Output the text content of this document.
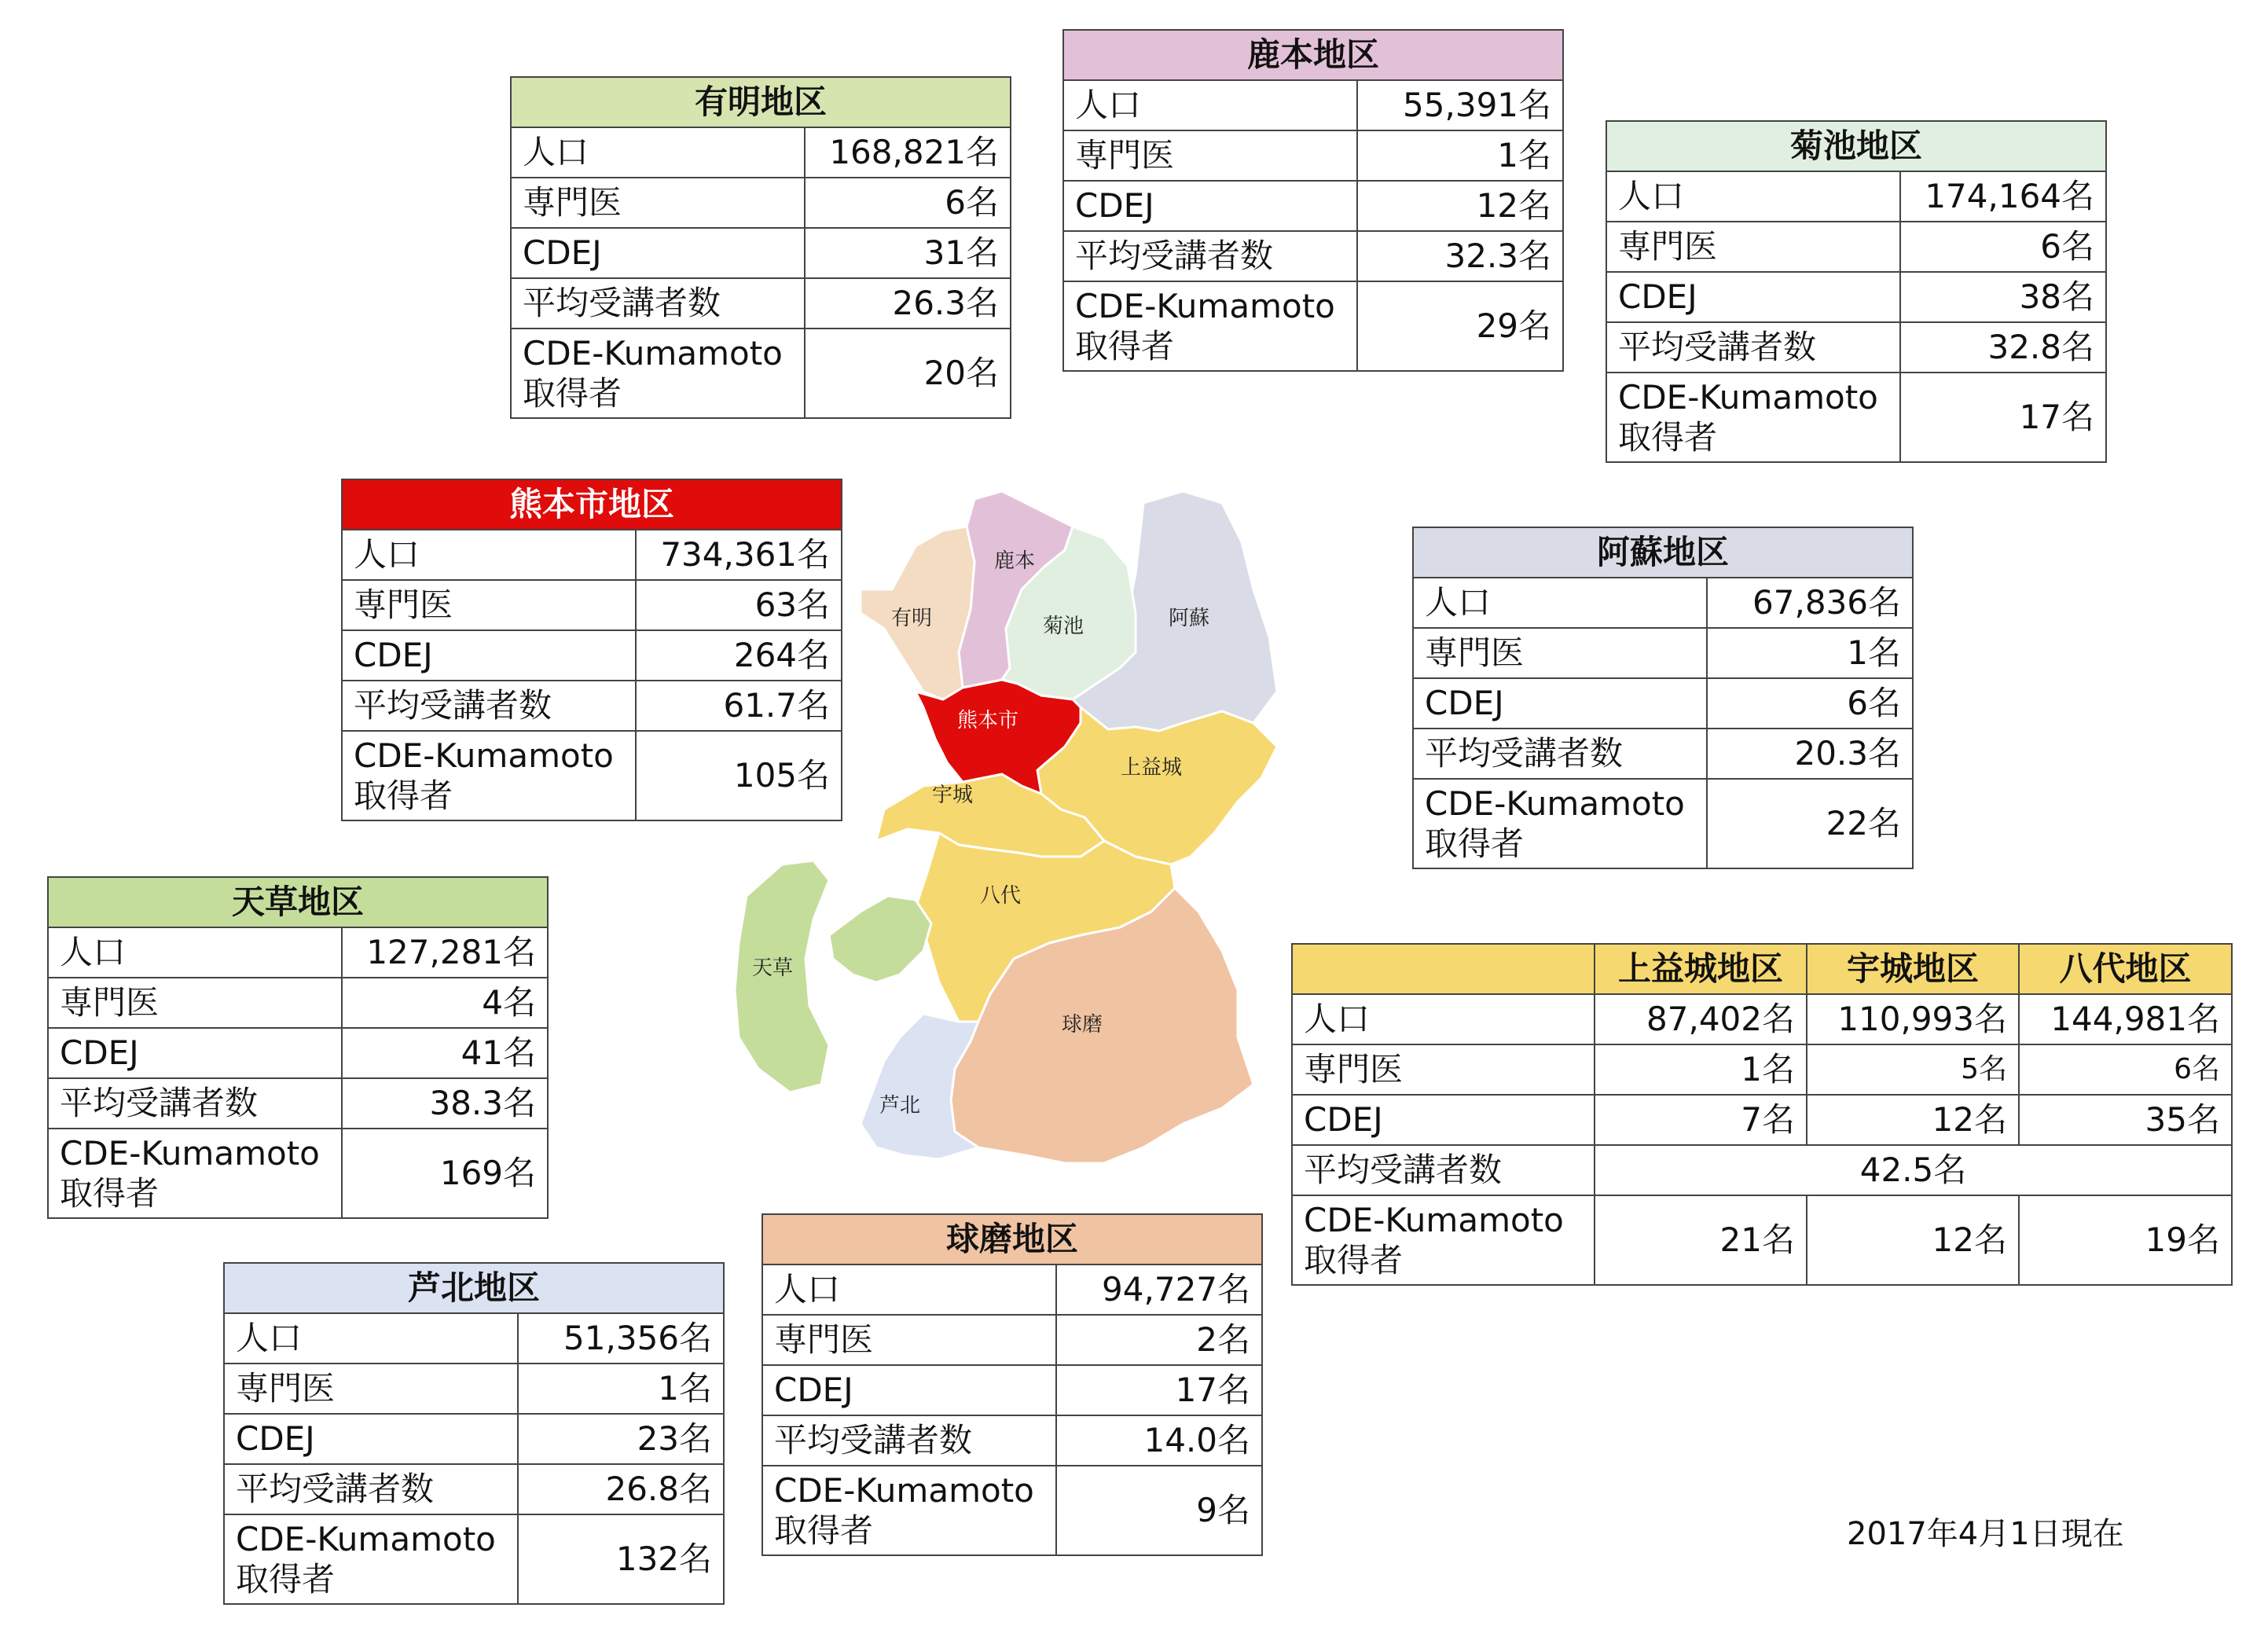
有明地区	
人口	168,821名
専門医	6名
CDEJ	31名
平均受講者数	26.3名
CDE-Kumamoto
取得者	20名
鹿本地区	
人口	55,391名
専門医	1名
CDEJ	12名
平均受講者数	32.3名
CDE-Kumamoto
取得者	29名
菊池地区	
人口	174,164名
専門医	6名
CDEJ	38名
平均受講者数	32.8名
CDE-Kumamoto
取得者	17名
熊本市地区	
人口	734,361名
専門医	63名
CDEJ	264名
平均受講者数	61.7名
CDE-Kumamoto
取得者	105名
阿蘇地区	
人口	67,836名
専門医	1名
CDEJ	6名
平均受講者数	20.3名
CDE-Kumamoto
取得者	22名
天草地区	
人口	127,281名
専門医	4名
CDEJ	41名
平均受講者数	38.3名
CDE-Kumamoto
取得者	169名
芦北地区	
人口	51,356名
専門医	1名
CDEJ	23名
平均受講者数	26.8名
CDE-Kumamoto
取得者	132名
球磨地区	
人口	94,727名
専門医	2名
CDEJ	17名
平均受講者数	14.0名
CDE-Kumamoto
取得者	9名
	上益城地区	宇城地区	八代地区
人口	87,402名	110,993名	144,981名
専門医	1名	5名	6名
CDEJ	7名	12名	35名
平均受講者数	42.5名		
CDE-Kumamoto
取得者	21名	12名	19名
鹿本
有明	菊池	阿蘇
熊本市
上益城
宇城
八代
天草
球磨
芦北
2017年4月1日現在
